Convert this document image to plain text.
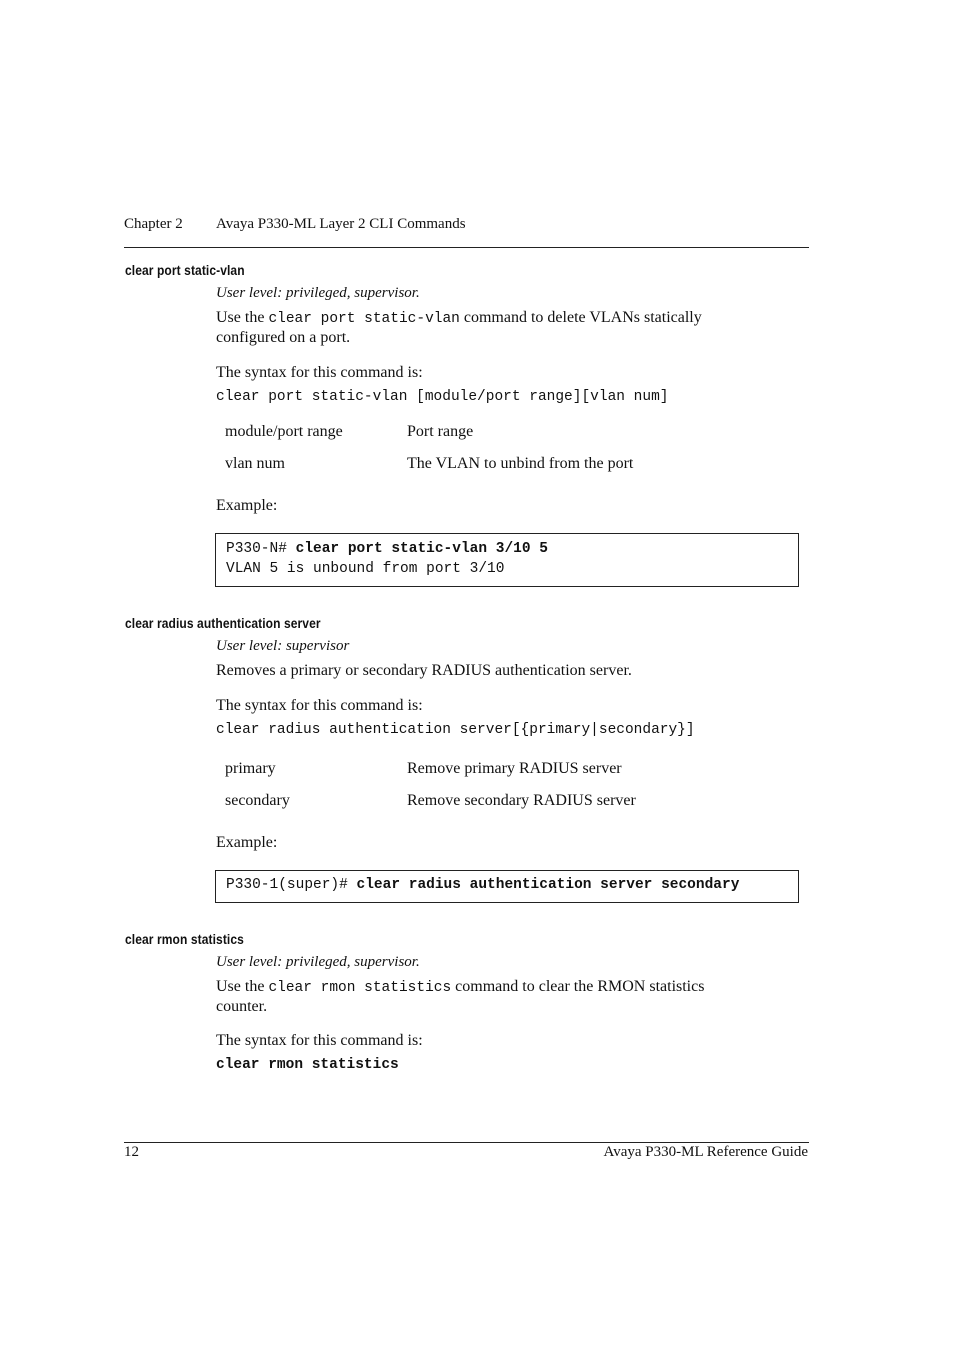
Chapter 2 Avaya P330-ML Layer 2 CLI Commands
clear port static-vlan
User level: privileged, supervisor.
Use the clear port static-vlan command to delete VLANs statically
configured on a port.
The syntax for this command is:
clear port static-vlan [module/port range][vlan num]
module/port range	Port range
vlan num	The VLAN to unbind from the port
Example:
P330-N# clear port static-vlan 3/10 5
VLAN 5 is unbound from port 3/10
clear radius authentication server
User level: supervisor
Removes a primary or secondary RADIUS authentication server.
The syntax for this command is:
clear radius authentication server[{primary|secondary}]
primary	Remove primary RADIUS server
secondary	Remove secondary RADIUS server
Example:
P330-1(super)# clear radius authentication server secondary
clear rmon statistics
User level: privileged, supervisor.
Use the clear rmon statistics command to clear the RMON statistics
counter.
The syntax for this command is:
clear rmon statistics
12	Avaya P330-ML Reference Guide
